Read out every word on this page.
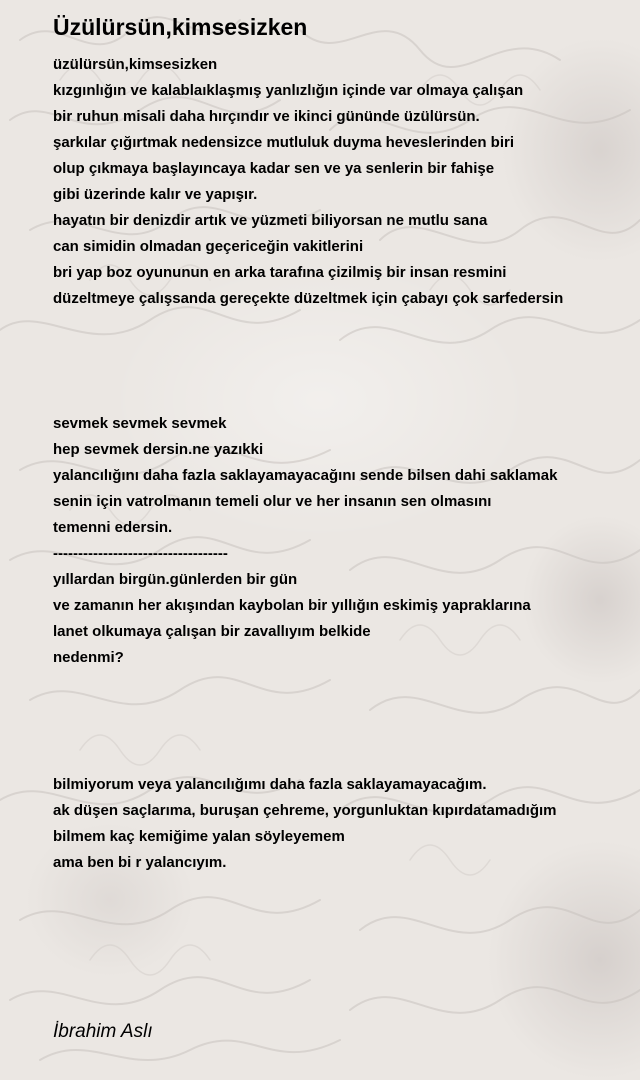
Üzülürsün,kimsesizken
üzülürsün,kimsesizken
kızgınlığın ve kalablaıklaşmış yanlızlığın içinde var olmaya çalışan
bir ruhun misali daha hırçındır ve ikinci gününde üzülürsün.
şarkılar çığırtmak nedensizce mutluluk duyma heveslerinden biri
olup çıkmaya başlayıncaya kadar sen ve ya senlerin bir fahişe
gibi üzerinde kalır ve yapışır.
hayatın bir denizdir artık ve yüzmeti biliyorsan ne mutlu sana
can simidin olmadan geçericeğin vakitlerini
bri yap boz oyununun en arka tarafına çizilmiş bir insan resmini
düzeltmeye çalışsanda gereçekte düzeltmek için çabayı çok sarfedersin
sevmek sevmek sevmek
hep sevmek dersin.ne yazıkki
yalancılığını daha fazla saklayamayacağını sende bilsen dahi saklamak
senin için vatrolmanın temeli olur ve her insanın sen olmasını
temenni edersin.
-----------------------------------
yıllardan birgün.günlerden bir gün
ve zamanın her akışından kaybolan bir yıllığın eskimiş yapraklarına
lanet olkumaya çalışan bir zavallıyım belkide
nedenmi?
bilmiyorum veya yalancılığımı daha fazla saklayamayacağım.
ak düşen saçlarıma, buruşan çehreme, yorgunluktan kıpırdatamadığım
bilmem kaç kemiğime yalan söyleyemem
ama ben bi r yalancıyım.
İbrahim Aslı
